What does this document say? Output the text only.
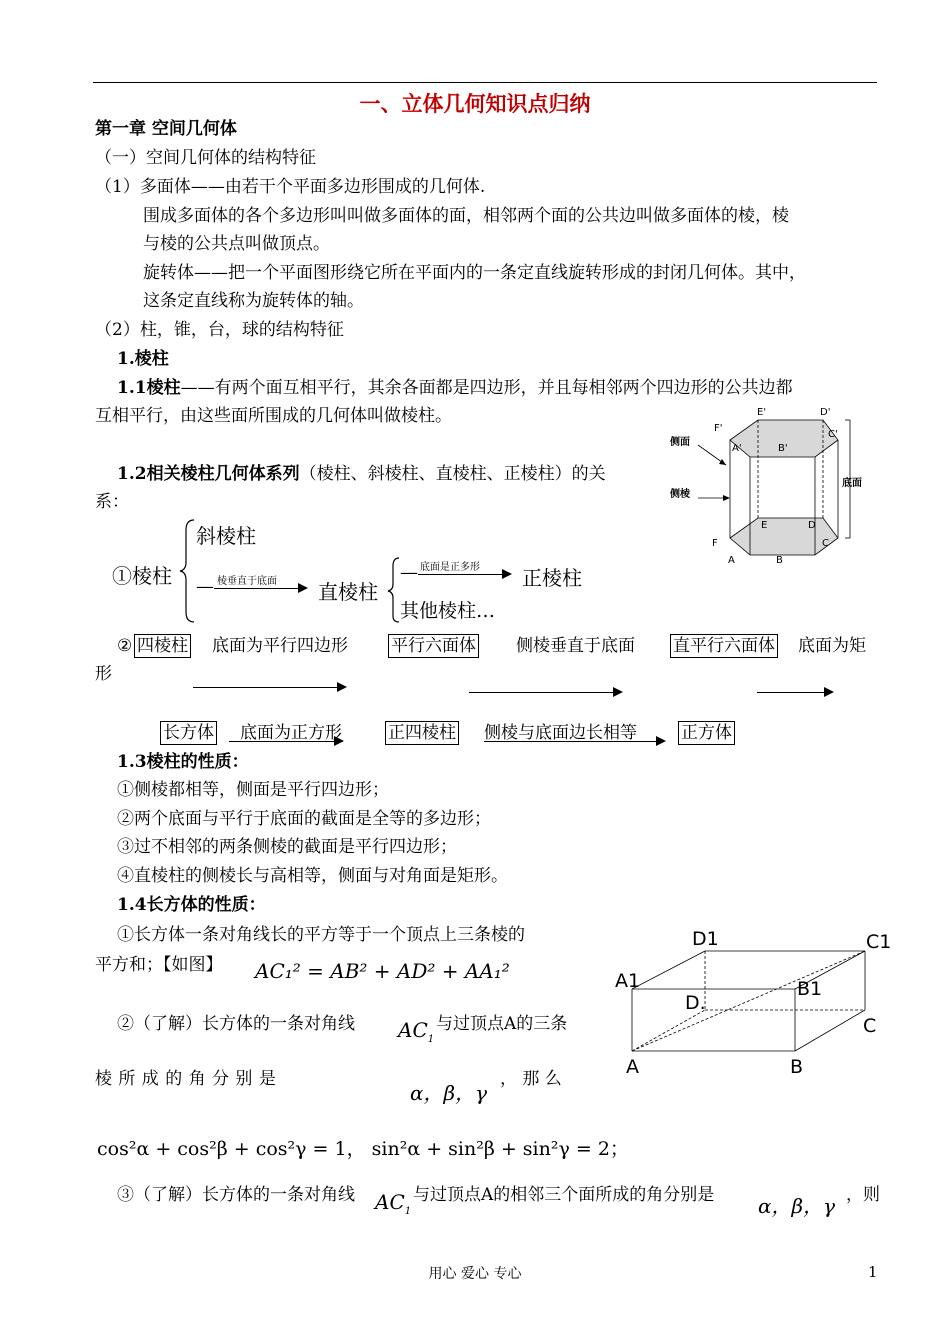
一、立体几何知识点归纳
第一章 空间几何体
（一）空间几何体的结构特征
（1）多面体——由若干个平面多边形围成的几何体.
围成多面体的各个多边形叫叫做多面体的面，相邻两个面的公共边叫做多面体的棱，棱
与棱的公共点叫做顶点。
旋转体——把一个平面图形绕它所在平面内的一条定直线旋转形成的封闭几何体。其中，
这条定直线称为旋转体的轴。
（2）柱，锥，台，球的结构特征
1.棱柱
1.1棱柱——有两个面互相平行，其余各面都是四边形，并且每相邻两个四边形的公共边都
互相平行，由这些面所围成的几何体叫做棱柱。
1.2相关棱柱几何体系列（棱柱、斜棱柱、直棱柱、正棱柱）的关
系：
E'	D'
F'
C'
A'	B'
E	D
F	C
A	B
侧面
侧棱
底面
①棱柱
斜棱柱
— 棱垂直于底面 直棱柱
— 底面是正多形 正棱柱
其他棱柱…
② 四棱柱 底面为平行四边形	平行六面体 侧棱垂直于底面 直平行六面体 底面为矩
形
长方体 底面为正方形	正四棱柱 侧棱与底面边长相等	正方体
1.3棱柱的性质：
①侧棱都相等，侧面是平行四边形；
②两个底面与平行于底面的截面是全等的多边形；
③过不相邻的两条侧棱的截面是平行四边形；
④直棱柱的侧棱长与高相等，侧面与对角面是矩形。
1.4长方体的性质：
①长方体一条对角线长的平方等于一个顶点上三条棱的
平方和；【如图】 AC₁² = AB² + AD² + AA₁²
②（了解）长方体的一条对角线 $AC_1$
与过顶点A的三条
棱 所 成 的 角 分 别 是
α，β，γ
， 那 么
cos²α + cos²β + cos²γ = 1， sin²α + sin²β + sin²γ = 2；
③（了解）长方体的一条对角线 $AC_1$
与过顶点A的相邻三个面所成的角分别是 α，β，γ ，则
D1	C1
A1	B1
D.
C
A	B
用心 爱心 专心	1
